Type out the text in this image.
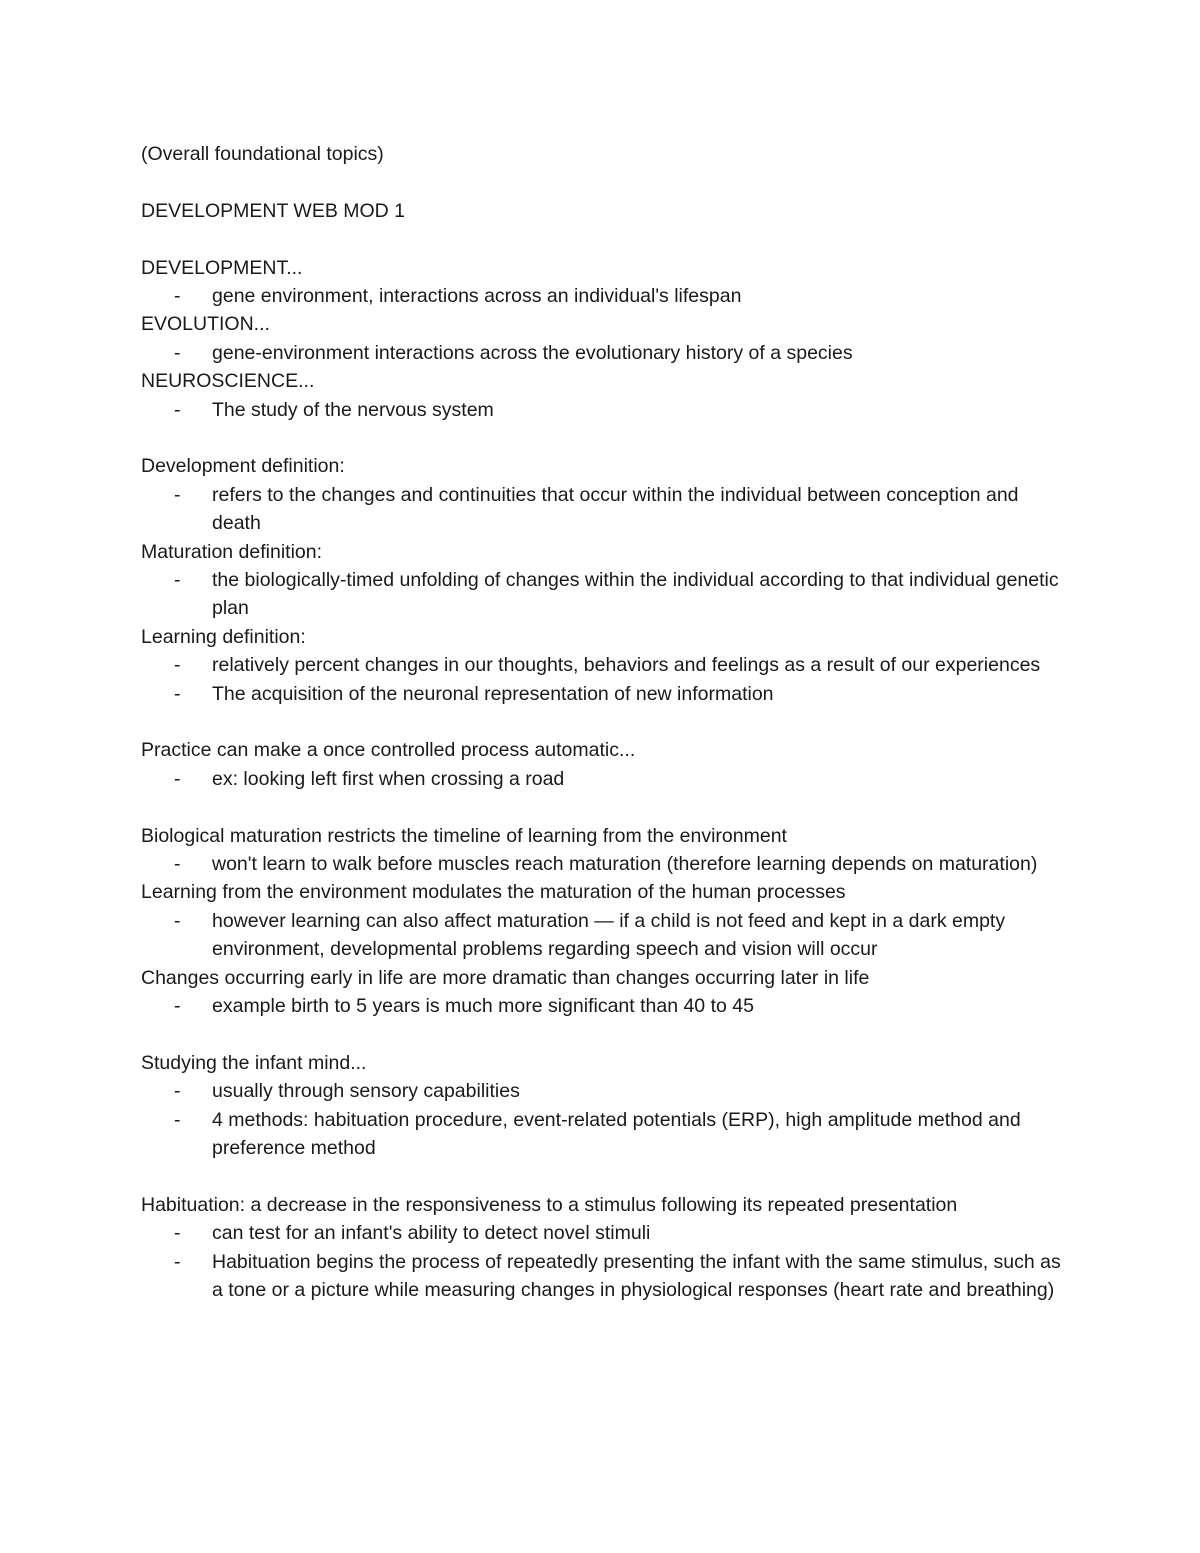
(Overall foundational topics)

DEVELOPMENT WEB MOD 1

DEVELOPMENT...

-	gene environment, interactions across an individual's lifespan

EVOLUTION...

-	gene-environment interactions across the evolutionary history of a species

NEUROSCIENCE...

-	The study of the nervous system

Development definition:

-	refers to the changes and continuities that occur within the individual between conception and death

Maturation definition:

-	the biologically-timed unfolding of changes within the individual according to that individual genetic plan

Learning definition:

-	relatively percent changes in our thoughts, behaviors and feelings as a result of our experiences
-	The acquisition of the neuronal representation of new information

Practice can make a once controlled process automatic...

-	ex: looking left first when crossing a road

Biological maturation restricts the timeline of learning from the environment

-	won't learn to walk before muscles reach maturation (therefore learning depends on maturation)

Learning from the environment modulates the maturation of the human processes

-	however learning can also affect maturation — if a child is not feed and kept in a dark empty environment, developmental problems regarding speech and vision will occur

Changes occurring early in life are more dramatic than changes occurring later in life

-	example birth to 5 years is much more significant than 40 to 45

Studying the infant mind...

-	usually through sensory capabilities
-	4 methods: habituation procedure, event-related potentials (ERP), high amplitude method and preference method

Habituation: a decrease in the responsiveness to a stimulus following its repeated presentation

-	can test for an infant's ability to detect novel stimuli
-	Habituation begins the process of repeatedly presenting the infant with the same stimulus, such as a tone or a picture while measuring changes in physiological responses (heart rate and breathing)
